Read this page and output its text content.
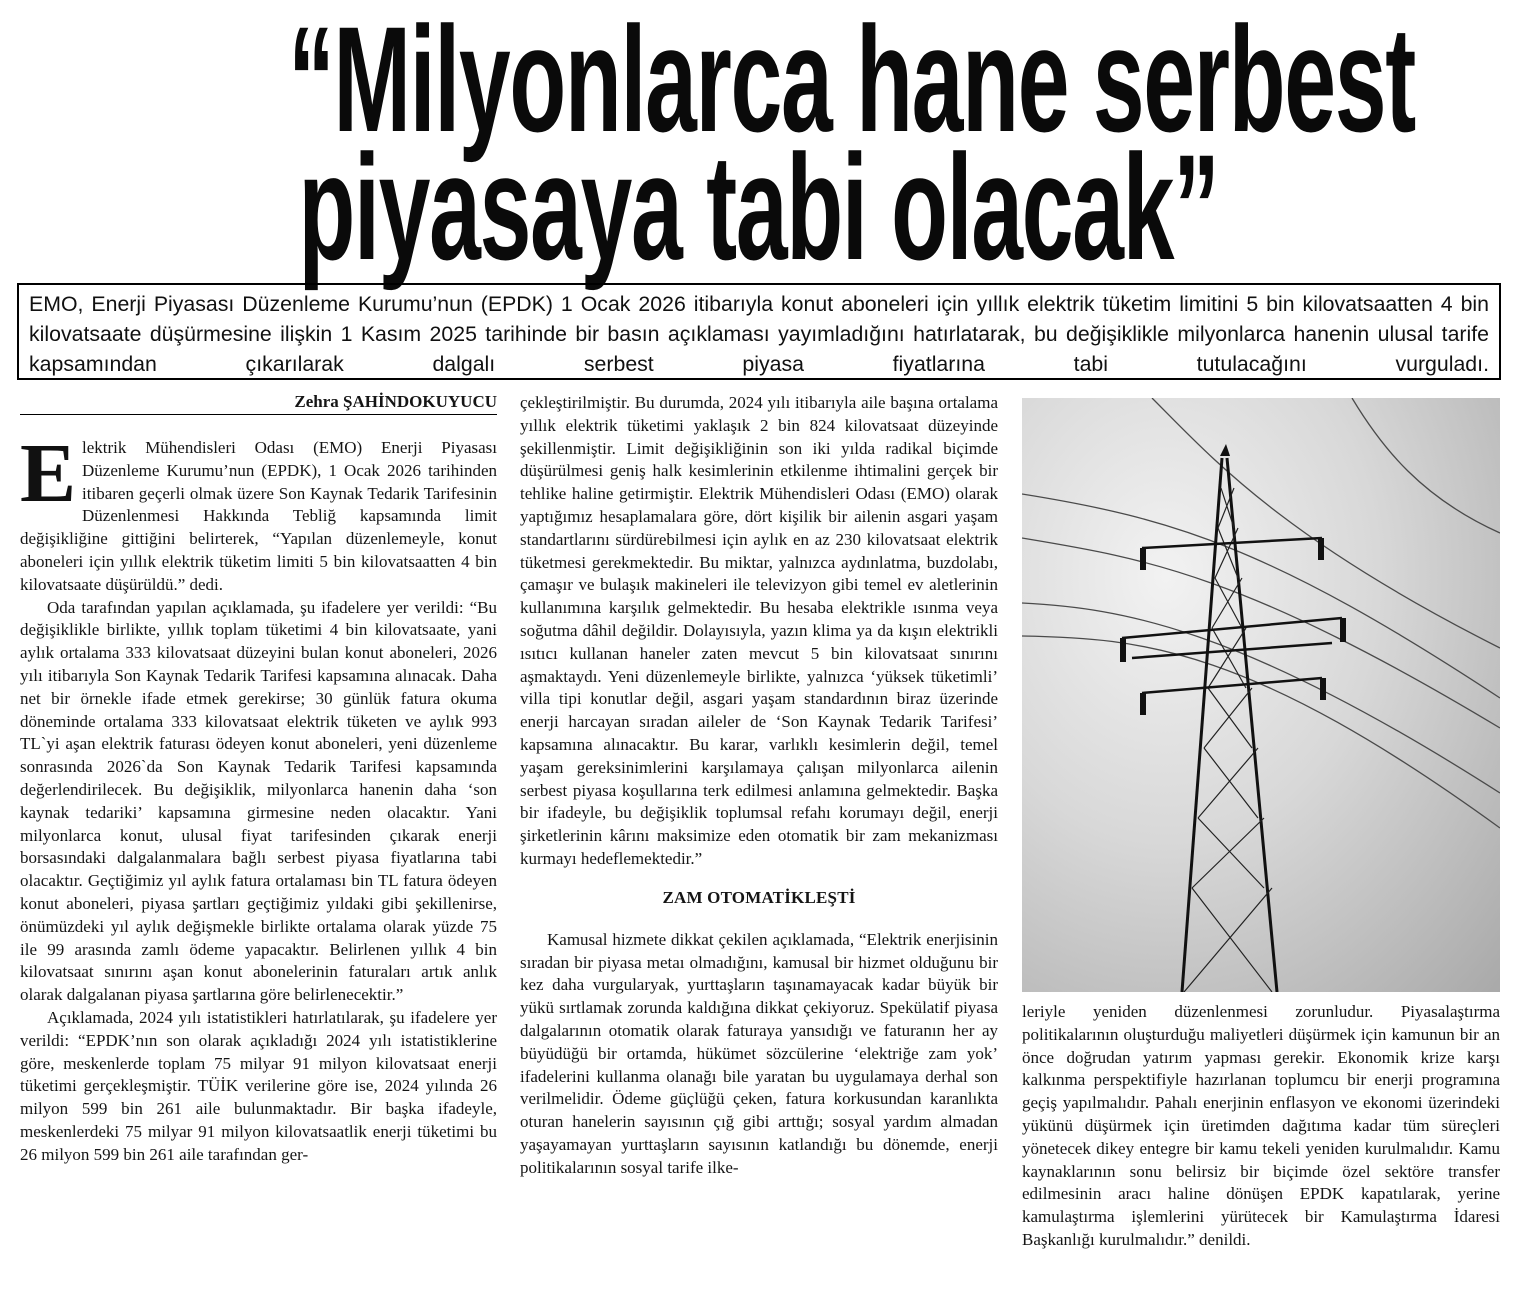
“Milyonlarca hane serbest
piyasaya tabi olacak”
EMO, Enerji Piyasası Düzenleme Kurumu’nun (EPDK) 1 Ocak 2026 itibarıyla konut aboneleri için yıllık elektrik tüketim limitini 5 bin kilovatsaatten 4 bin kilovatsaate düşürmesine ilişkin 1 Kasım 2025 tarihinde bir basın açıklaması yayımladığını hatırlatarak, bu değişiklikle milyonlarca hanenin ulusal tarife kapsamından çıkarılarak dalgalı serbest piyasa fiyatlarına tabi tutulacağını vurguladı.
Zehra ŞAHİNDOKUYUCU

Elektrik Mühendisleri Odası (EMO) Enerji Piyasası Düzenleme Kurumu’nun (EPDK), 1 Ocak 2026 tarihinden itibaren geçerli olmak üzere Son Kaynak Tedarik Tarifesinin Düzenlenmesi Hakkında Tebliğ kapsamında limit değişikliğine gittiğini belirterek, “Yapılan düzenlemeyle, konut aboneleri için yıllık elektrik tüketim limiti 5 bin kilovatsaatten 4 bin kilovatsaate düşürüldü.” dedi.

Oda tarafından yapılan açıklamada, şu ifadelere yer verildi: “Bu değişiklikle birlikte, yıllık toplam tüketimi 4 bin kilovatsaate, yani aylık ortalama 333 kilovatsaat düzeyini bulan konut aboneleri, 2026 yılı itibarıyla Son Kaynak Tedarik Tarifesi kapsamına alınacak. Daha net bir örnekle ifade etmek gerekirse; 30 günlük fatura okuma döneminde ortalama 333 kilovatsaat elektrik tüketen ve aylık 993 TL`yi aşan elektrik faturası ödeyen konut aboneleri, yeni düzenleme sonrasında 2026`da Son Kaynak Tedarik Tarifesi kapsamında değerlendirilecek. Bu değişiklik, milyonlarca hanenin daha ‘son kaynak tedariki’ kapsamına girmesine neden olacaktır. Yani milyonlarca konut, ulusal fiyat tarifesinden çıkarak enerji borsasındaki dalgalanmalara bağlı serbest piyasa fiyatlarına tabi olacaktır. Geçtiğimiz yıl aylık fatura ortalaması bin TL fatura ödeyen konut aboneleri, piyasa şartları geçtiğimiz yıldaki gibi şekillenirse, önümüzdeki yıl aylık değişmekle birlikte ortalama olarak yüzde 75 ile 99 arasında zamlı ödeme yapacaktır. Belirlenen yıllık 4 bin kilovatsaat sınırını aşan konut abonelerinin faturaları artık anlık olarak dalgalanan piyasa şartlarına göre belirlenecektir.”

Açıklamada, 2024 yılı istatistikleri hatırlatılarak, şu ifadelere yer verildi: “EPDK’nın son olarak açıkladığı 2024 yılı istatistiklerine göre, meskenlerde toplam 75 milyar 91 milyon kilovatsaat enerji tüketimi gerçekleşmiştir. TÜİK verilerine göre ise, 2024 yılında 26 milyon 599 bin 261 aile bulunmaktadır. Bir başka ifadeyle, meskenlerdeki 75 milyar 91 milyon kilovatsaatlik enerji tüketimi bu 26 milyon 599 bin 261 aile tarafından ger-

çekleştirilmiştir. Bu durumda, 2024 yılı itibarıyla aile başına ortalama yıllık elektrik tüketimi yaklaşık 2 bin 824 kilovatsaat düzeyinde şekillenmiştir. Limit değişikliğinin son iki yılda radikal biçimde düşürülmesi geniş halk kesimlerinin etkilenme ihtimalini gerçek bir tehlike haline getirmiştir. Elektrik Mühendisleri Odası (EMO) olarak yaptığımız hesaplamalara göre, dört kişilik bir ailenin asgari yaşam standartlarını sürdürebilmesi için aylık en az 230 kilovatsaat elektrik tüketmesi gerekmektedir. Bu miktar, yalnızca aydınlatma, buzdolabı, çamaşır ve bulaşık makineleri ile televizyon gibi temel ev aletlerinin kullanımına karşılık gelmektedir. Bu hesaba elektrikle ısınma veya soğutma dâhil değildir. Dolayısıyla, yazın klima ya da kışın elektrikli ısıtıcı kullanan haneler zaten mevcut 5 bin kilovatsaat sınırını aşmaktaydı. Yeni düzenlemeyle birlikte, yalnızca ‘yüksek tüketimli’ villa tipi konutlar değil, asgari yaşam standardının biraz üzerinde enerji harcayan sıradan aileler de ‘Son Kaynak Tedarik Tarifesi’ kapsamına alınacaktır. Bu karar, varlıklı kesimlerin değil, temel yaşam gereksinimlerini karşılamaya çalışan milyonlarca ailenin serbest piyasa koşullarına terk edilmesi anlamına gelmektedir. Başka bir ifadeyle, bu değişiklik toplumsal refahı korumayı değil, enerji şirketlerinin kârını maksimize eden otomatik bir zam mekanizması kurmayı hedeflemektedir.”

ZAM OTOMATİKLEŞTİ

Kamusal hizmete dikkat çekilen açıklamada, “Elektrik enerjisinin sıradan bir piyasa metaı olmadığını, kamusal bir hizmet olduğunu bir kez daha vurgularyak, yurttaşların taşınamayacak kadar büyük bir yükü sırtlamak zorunda kaldığına dikkat çekiyoruz. Spekülatif piyasa dalgalarının otomatik olarak faturaya yansıdığı ve faturanın her ay büyüdüğü bir ortamda, hükümet sözcülerine ‘elektriğe zam yok’ ifadelerini kullanma olanağı bile yaratan bu uygulamaya derhal son verilmelidir. Ödeme güçlüğü çeken, fatura korkusundan karanlıkta oturan hanelerin sayısının çığ gibi arttığı; sosyal yardım almadan yaşayamayan yurttaşların sayısının katlandığı bu dönemde, enerji politikalarının sosyal tarife ilke-

leriyle yeniden düzenlenmesi zorunludur. Piyasalaştırma politikalarının oluşturduğu maliyetleri düşürmek için kamunun bir an önce doğrudan yatırım yapması gerekir. Ekonomik krize karşı kalkınma perspektifiyle hazırlanan toplumcu bir enerji programına geçiş yapılmalıdır. Pahalı enerjinin enflasyon ve ekonomi üzerindeki yükünü düşürmek için üretimden dağıtıma kadar tüm süreçleri yönetecek dikey entegre bir kamu tekeli yeniden kurulmalıdır. Kamu kaynaklarının sonu belirsiz bir biçimde özel sektöre transfer edilmesinin aracı haline dönüşen EPDK kapatılarak, yerine kamulaştırma işlemlerini yürütecek bir Kamulaştırma İdaresi Başkanlığı kurulmalıdır.” denildi.
